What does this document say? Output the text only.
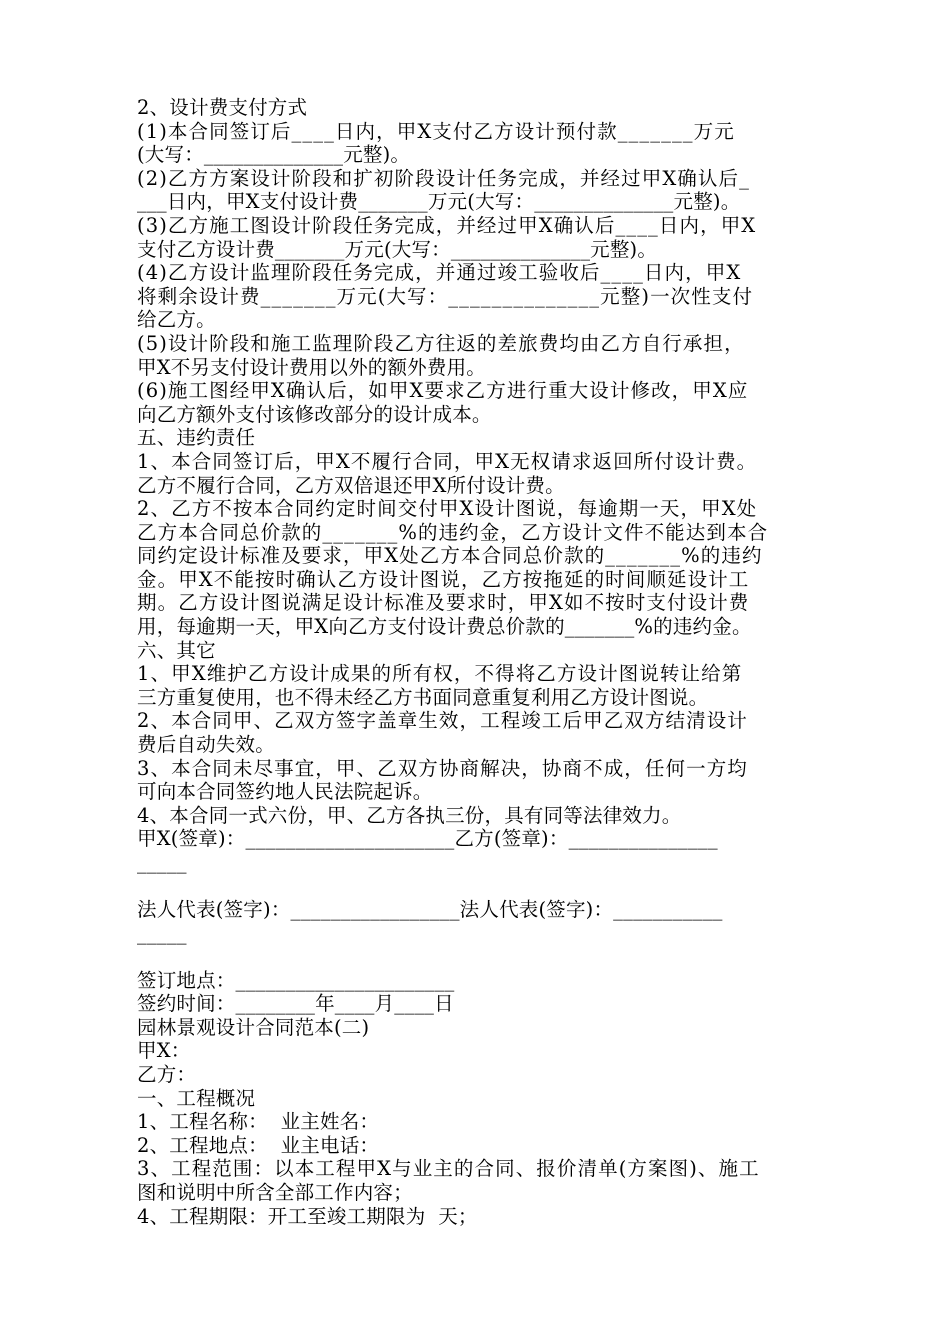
2、设计费支付方式
(1)本合同签订后____日内，甲X支付乙方设计预付款_______万元
(大写：______________元整)。
(2)乙方方案设计阶段和扩初阶段设计任务完成，并经过甲X确认后_
___日内，甲X支付设计费_______万元(大写：______________元整)。
(3)乙方施工图设计阶段任务完成，并经过甲X确认后____日内，甲X
支付乙方设计费_______万元(大写：______________元整)。
(4)乙方设计监理阶段任务完成，并通过竣工验收后____日内，甲X
将剩余设计费_______万元(大写：______________元整)一次性支付
给乙方。
(5)设计阶段和施工监理阶段乙方往返的差旅费均由乙方自行承担，
甲X不另支付设计费用以外的额外费用。
(6)施工图经甲X确认后，如甲X要求乙方进行重大设计修改，甲X应
向乙方额外支付该修改部分的设计成本。
五、违约责任
1、本合同签订后，甲X不履行合同，甲X无权请求返回所付设计费。
乙方不履行合同，乙方双倍退还甲X所付设计费。
2、乙方不按本合同约定时间交付甲X设计图说，每逾期一天，甲X处
乙方本合同总价款的_______%的违约金，乙方设计文件不能达到本合
同约定设计标准及要求，甲X处乙方本合同总价款的_______%的违约
金。甲X不能按时确认乙方设计图说，乙方按拖延的时间顺延设计工
期。乙方设计图说满足设计标准及要求时，甲X如不按时支付设计费
用，每逾期一天，甲X向乙方支付设计费总价款的_______%的违约金。
六、其它
1、甲X维护乙方设计成果的所有权，不得将乙方设计图说转让给第
三方重复使用，也不得未经乙方书面同意重复利用乙方设计图说。
2、本合同甲、乙双方签字盖章生效，工程竣工后甲乙双方结清设计
费后自动失效。
3、本合同未尽事宜，甲、乙双方协商解决，协商不成，任何一方均
可向本合同签约地人民法院起诉。
4、本合同一式六份，甲、乙方各执三份，具有同等法律效力。
甲X(签章)：_____________________乙方(签章)：_______________
_____
法人代表(签字)：_________________法人代表(签字)：___________
_____
签订地点：______________________
签约时间：________年____月____日
园林景观设计合同范本(二)
甲X：
乙方：
一、工程概况
1、工程名称：  业主姓名：
2、工程地点：  业主电话：
3、工程范围：以本工程甲X与业主的合同、报价清单(方案图)、施工
图和说明中所含全部工作内容；
4、工程期限：开工至竣工期限为  天；
